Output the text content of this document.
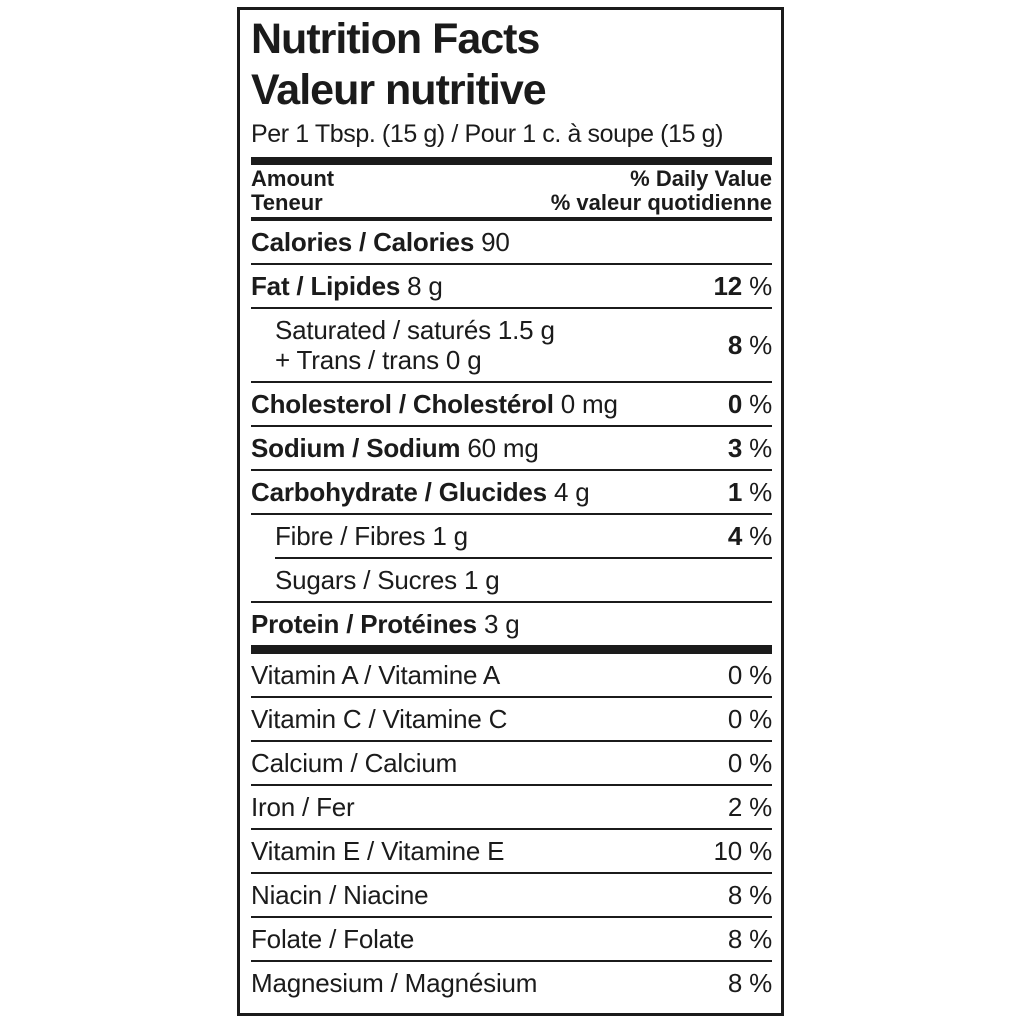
Nutrition Facts
Valeur nutritive
Per 1 Tbsp. (15 g) / Pour 1 c. à soupe (15 g)
Amount
Teneur
% Daily Value
% valeur quotidienne
Calories / Calories 90
Fat / Lipides 8 g	12 %
Saturated / saturés 1.5 g
+ Trans / trans 0 g	8 %
Cholesterol / Cholestérol 0 mg	0 %
Sodium / Sodium 60 mg	3 %
Carbohydrate / Glucides 4 g	1 %
Fibre / Fibres 1 g	4 %
Sugars / Sucres 1 g
Protein / Protéines 3 g
Vitamin A / Vitamine A	0 %
Vitamin C / Vitamine C	0 %
Calcium / Calcium	0 %
Iron / Fer	2 %
Vitamin E / Vitamine E	10 %
Niacin / Niacine	8 %
Folate / Folate	8 %
Magnesium / Magnésium	8 %
